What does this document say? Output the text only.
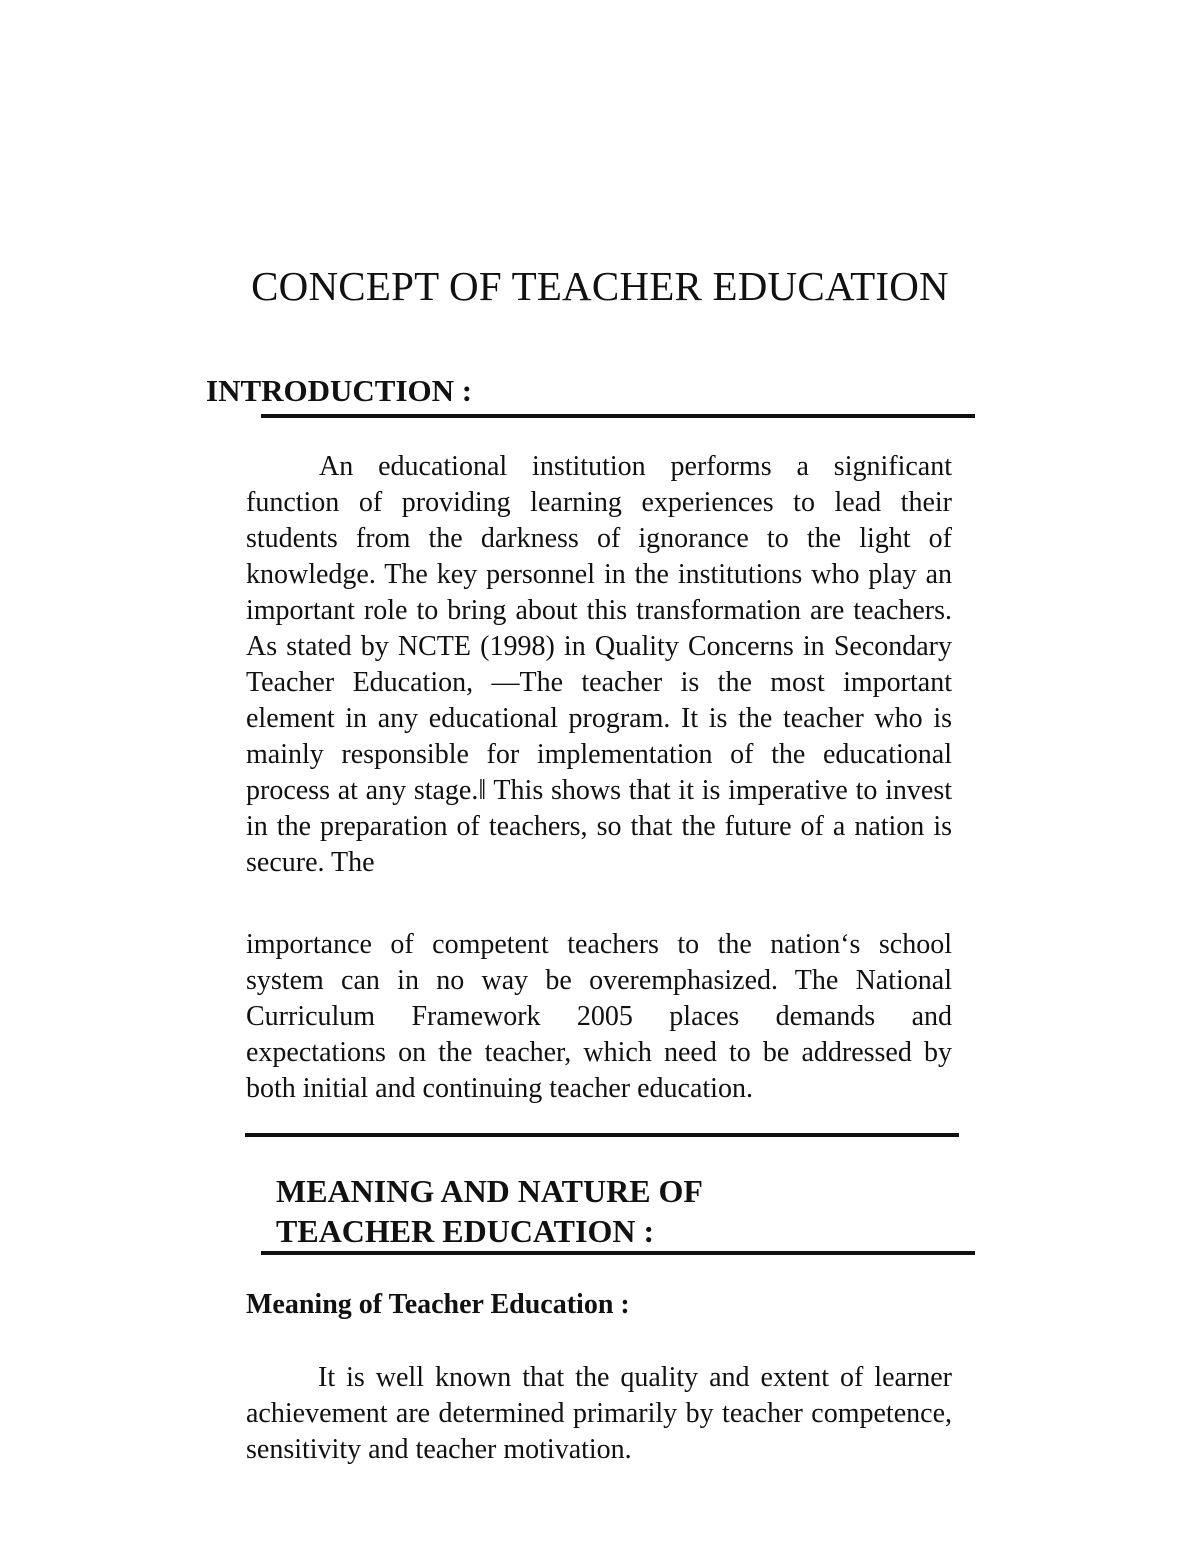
CONCEPT OF TEACHER EDUCATION
INTRODUCTION :

An educational institution performs a significant function of providing learning experiences to lead their students from the darkness of ignorance to the light of knowledge. The key personnel in the institutions who play an important role to bring about this transformation are teachers. As stated by NCTE (1998) in Quality Concerns in Secondary Teacher Education, ―The teacher is the most important element in any educational program. It is the teacher who is mainly responsible for implementation of the educational process at any stage.‖ This shows that it is imperative to invest in the preparation of teachers, so that the future of a nation is secure. The

importance of competent teachers to the nation‘s school system can in no way be overemphasized. The National Curriculum Framework 2005 places demands and expectations on the teacher, which need to be addressed by both initial and continuing teacher education.

MEANING AND NATURE OF
TEACHER EDUCATION :
Meaning of Teacher Education :

It is well known that the quality and extent of learner achievement are determined primarily by teacher competence, sensitivity and teacher motivation.
